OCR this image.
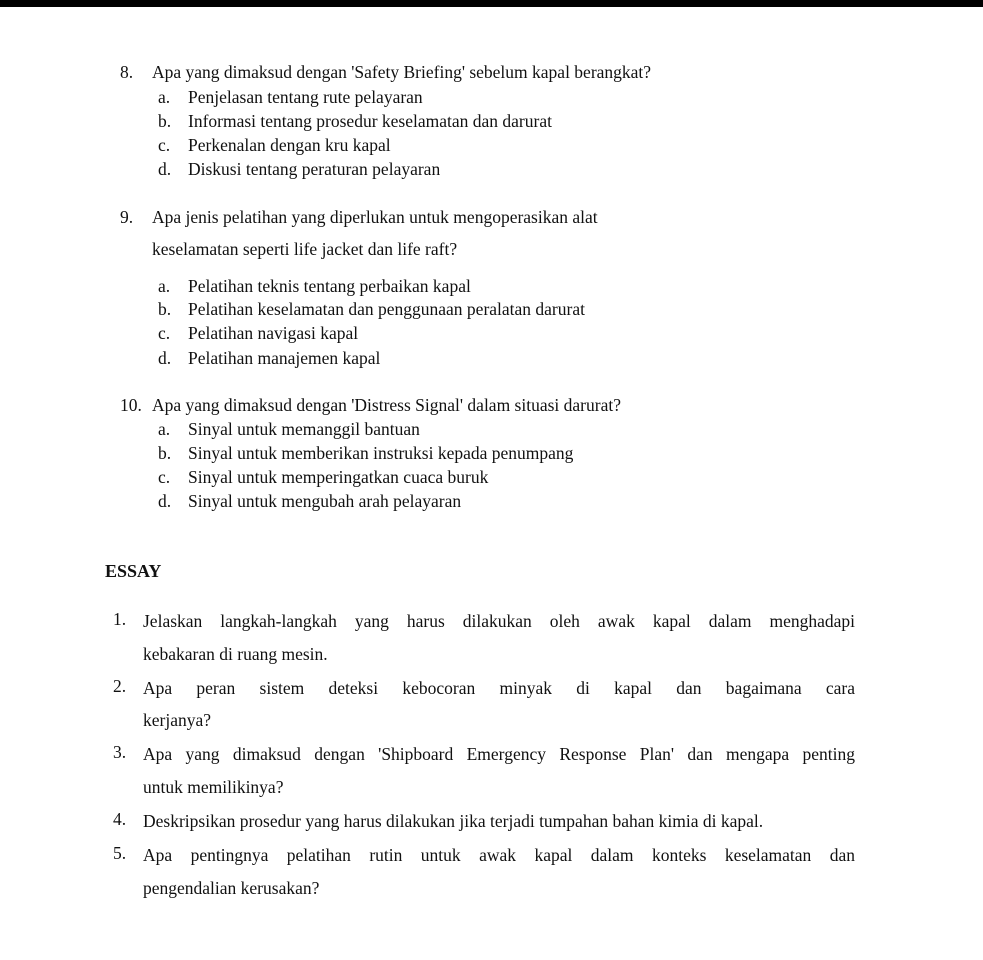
8. Apa yang dimaksud dengan 'Safety Briefing' sebelum kapal berangkat?
a. Penjelasan tentang rute pelayaran
b. Informasi tentang prosedur keselamatan dan darurat
c. Perkenalan dengan kru kapal
d. Diskusi tentang peraturan pelayaran
9. Apa jenis pelatihan yang diperlukan untuk mengoperasikan alat
keselamatan seperti life jacket dan life raft?
a. Pelatihan teknis tentang perbaikan kapal
b. Pelatihan keselamatan dan penggunaan peralatan darurat
c. Pelatihan navigasi kapal
d. Pelatihan manajemen kapal
10. Apa yang dimaksud dengan 'Distress Signal' dalam situasi darurat?
a. Sinyal untuk memanggil bantuan
b. Sinyal untuk memberikan instruksi kepada penumpang
c. Sinyal untuk memperingatkan cuaca buruk
d. Sinyal untuk mengubah arah pelayaran
ESSAY
1. Jelaskan langkah-langkah yang harus dilakukan oleh awak kapal dalam menghadapi
kebakaran di ruang mesin.
2. Apa peran sistem deteksi kebocoran minyak di kapal dan bagaimana cara
kerjanya?
3. Apa yang dimaksud dengan 'Shipboard Emergency Response Plan' dan mengapa penting
untuk memilikinya?
4. Deskripsikan prosedur yang harus dilakukan jika terjadi tumpahan bahan kimia di kapal.
5. Apa pentingnya pelatihan rutin untuk awak kapal dalam konteks keselamatan dan
pengendalian kerusakan?
